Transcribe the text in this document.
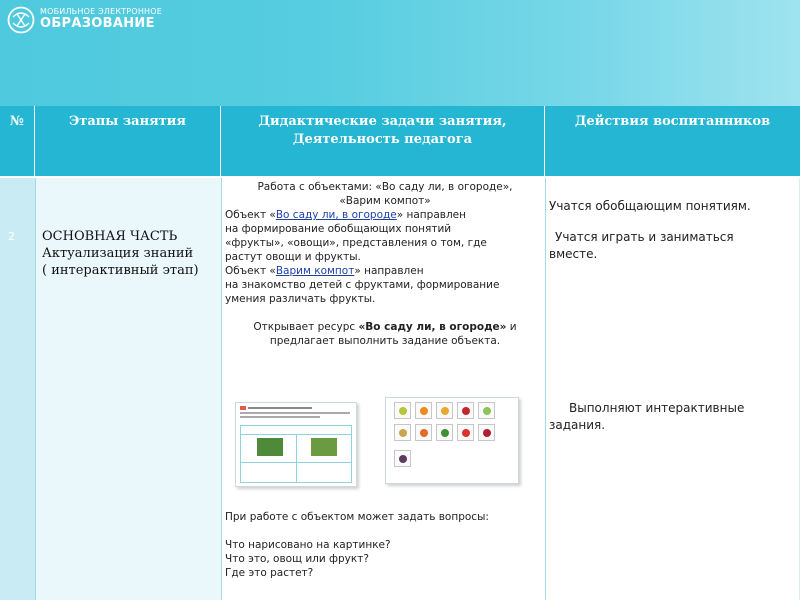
МОБИЛЬНОЕ ЭЛЕКТРОННОЕ
ОБРАЗОВАНИЕ
№	Этапы занятия	Дидактические задачи занятия,
Деятельность педагога
Действия воспитанников
2 ОСНОВНАЯ ЧАСТЬ
Актуализация знаний
( интерактивный этап)
Работа с объектами: «Во саду ли, в огороде»,
«Варим компот»
Объект «Во саду ли, в огороде» направлен
на формирование обобщающих понятий
«фрукты», «овощи», представления о том, где
растут овощи и фрукты.
Объект «Варим компот» направлен
на знакомство детей с фруктами, формирование
умения различать фрукты.
Открывает ресурс «Во саду ли, в огороде» и
предлагает выполнить задание объекта.
При работе с объектом может задать вопросы:
Что нарисовано на картинке?
Что это, овощ или фрукт?
Где это растет?
Учатся обобщающим понятиям.
Учатся играть и заниматься
вместе.
Выполняют интерактивные
задания.
